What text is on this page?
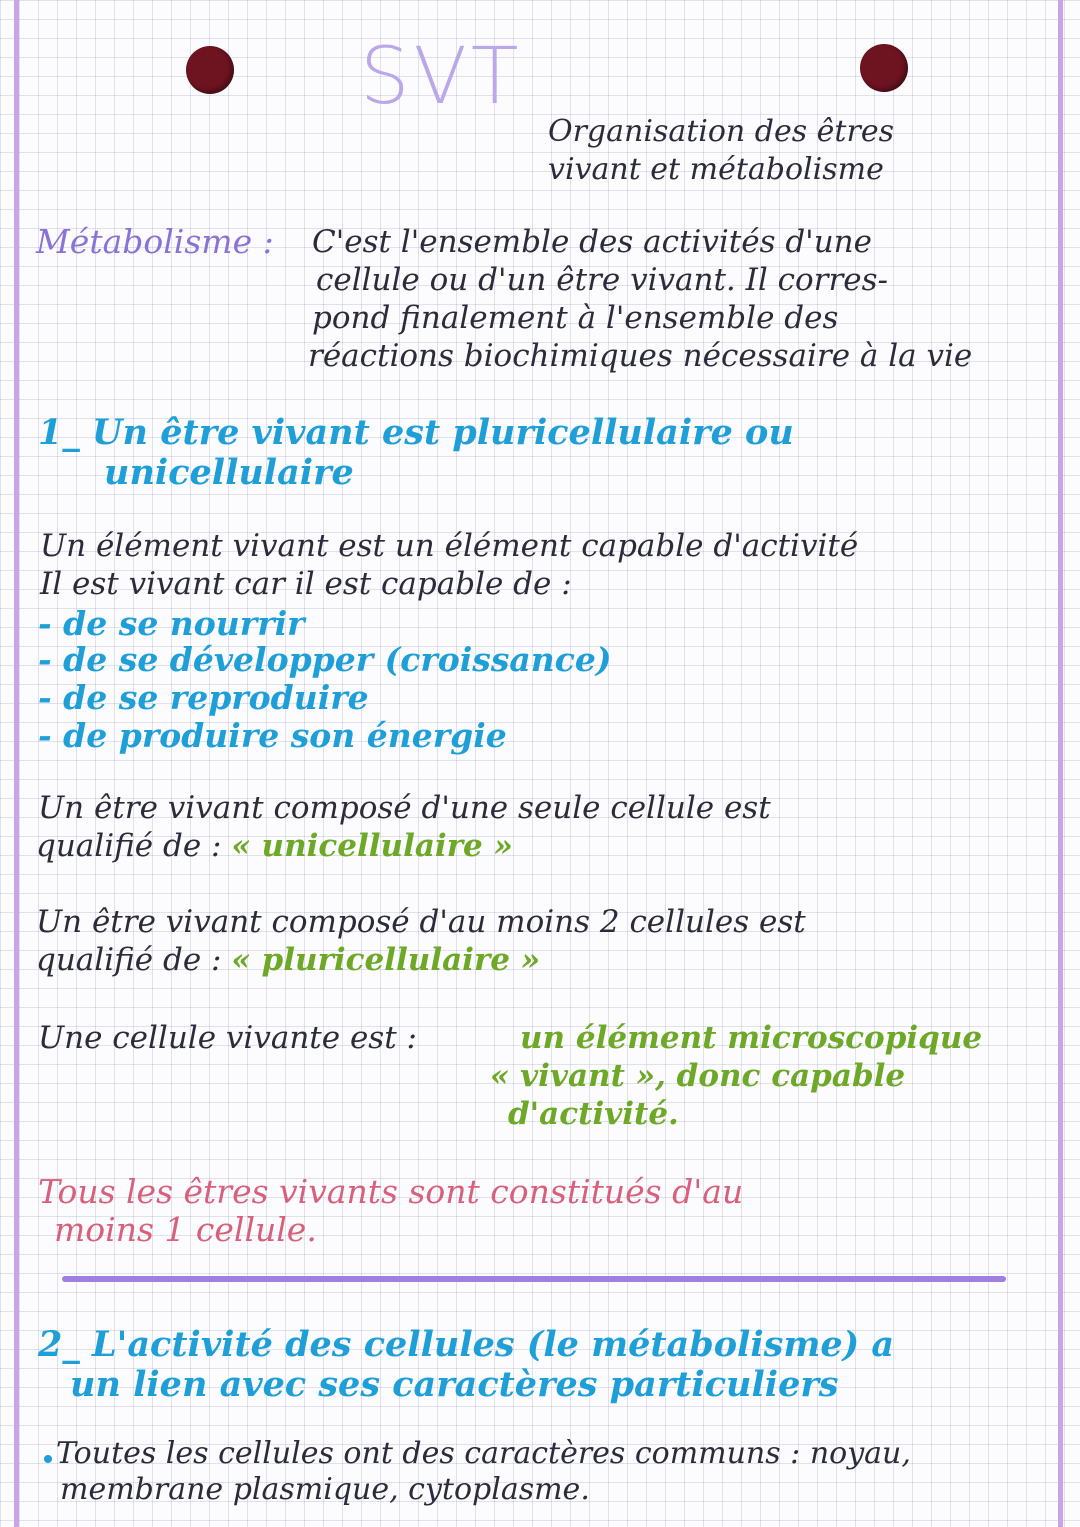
SVT
Organisation des êtres
vivant et métabolisme
Métabolisme : C'est l'ensemble des activités d'une
cellule ou d'un être vivant. Il corres-
pond finalement à l'ensemble des
réactions biochimiques nécessaire à la vie
1_ Un être vivant est pluricellulaire ou
unicellulaire
Un élément vivant est un élément capable d'activité
Il est vivant car il est capable de :
- de se nourrir
- de se développer (croissance)
- de se reproduire
- de produire son énergie
Un être vivant composé d'une seule cellule est
qualifié de : « unicellulaire »
Un être vivant composé d'au moins 2 cellules est
qualifié de : « pluricellulaire »
Une cellule vivante est :	un élément microscopique
« vivant », donc capable
d'activité.
Tous les êtres vivants sont constitués d'au
moins 1 cellule.
2_ L'activité des cellules (le métabolisme) a
un lien avec ses caractères particuliers
Toutes les cellules ont des caractères communs : noyau,
membrane plasmique, cytoplasme.
